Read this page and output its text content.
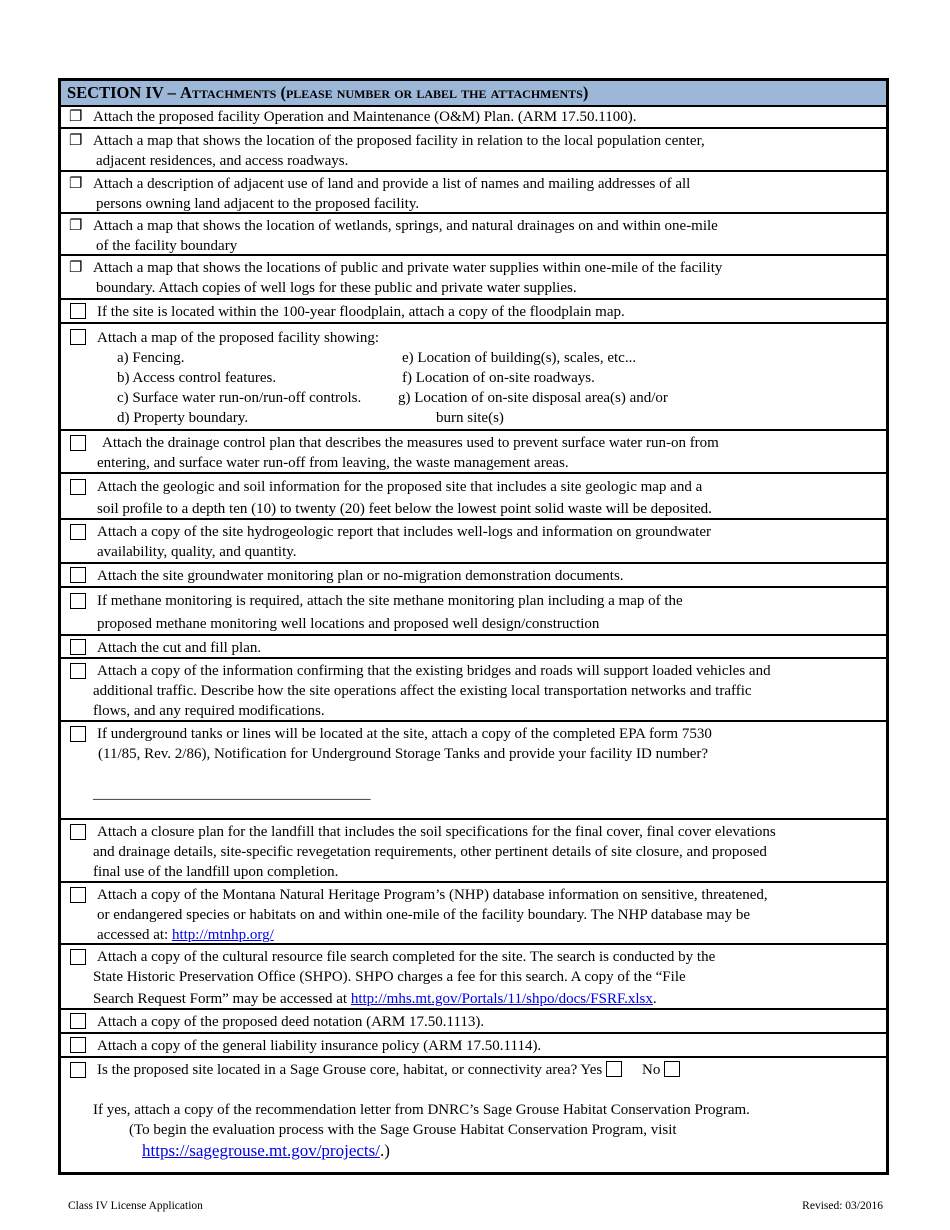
SECTION IV – Attachments (please number or label the attachments)
❐ Attach the proposed facility Operation and Maintenance (O&M) Plan. (ARM 17.50.1100).
❐ Attach a map that shows the location of the proposed facility in relation to the local population center,
adjacent residences, and access roadways.
❐ Attach a description of adjacent use of land and provide a list of names and mailing addresses of all
persons owning land adjacent to the proposed facility.
❐ Attach a map that shows the location of wetlands, springs, and natural drainages on and within one-mile
of the facility boundary
❐ Attach a map that shows the locations of public and private water supplies within one-mile of the facility
boundary. Attach copies of well logs for these public and private water supplies.
If the site is located within the 100-year floodplain, attach a copy of the floodplain map.
Attach a map of the proposed facility showing:
a) Fencing.
b) Access control features.
c) Surface water run-on/run-off controls.
d) Property boundary.
e) Location of building(s), scales, etc...
f) Location of on-site roadways.
g) Location of on-site disposal area(s) and/or
burn site(s)
Attach the drainage control plan that describes the measures used to prevent surface water run-on from
entering, and surface water run-off from leaving, the waste management areas.
Attach the geologic and soil information for the proposed site that includes a site geologic map and a
soil profile to a depth ten (10) to twenty (20) feet below the lowest point solid waste will be deposited.
Attach a copy of the site hydrogeologic report that includes well-logs and information on groundwater
availability, quality, and quantity.
Attach the site groundwater monitoring plan or no-migration demonstration documents.
If methane monitoring is required, attach the site methane monitoring plan including a map of the
proposed methane monitoring well locations and proposed well design/construction
Attach the cut and fill plan.
Attach a copy of the information confirming that the existing bridges and roads will support loaded vehicles and
additional traffic. Describe how the site operations affect the existing local transportation networks and traffic
flows, and any required modifications.
If underground tanks or lines will be located at the site, attach a copy of the completed EPA form 7530
(11/85, Rev. 2/86), Notification for Underground Storage Tanks and provide your facility ID number?
_____________________________________
Attach a closure plan for the landfill that includes the soil specifications for the final cover, final cover elevations
and drainage details, site-specific revegetation requirements, other pertinent details of site closure, and proposed
final use of the landfill upon completion.
Attach a copy of the Montana Natural Heritage Program’s (NHP) database information on sensitive, threatened,
or endangered species or habitats on and within one-mile of the facility boundary. The NHP database may be
accessed at: http://mtnhp.org/
Attach a copy of the cultural resource file search completed for the site. The search is conducted by the
State Historic Preservation Office (SHPO). SHPO charges a fee for this search. A copy of the “File
Search Request Form” may be accessed at http://mhs.mt.gov/Portals/11/shpo/docs/FSRF.xlsx.
Attach a copy of the proposed deed notation (ARM 17.50.1113).
Attach a copy of the general liability insurance policy (ARM 17.50.1114).
Is the proposed site located in a Sage Grouse core, habitat, or connectivity area? Yes No
If yes, attach a copy of the recommendation letter from DNRC’s Sage Grouse Habitat Conservation Program.
(To begin the evaluation process with the Sage Grouse Habitat Conservation Program, visit
https://sagegrouse.mt.gov/projects/.)
Class IV License Application	Revised: 03/2016
